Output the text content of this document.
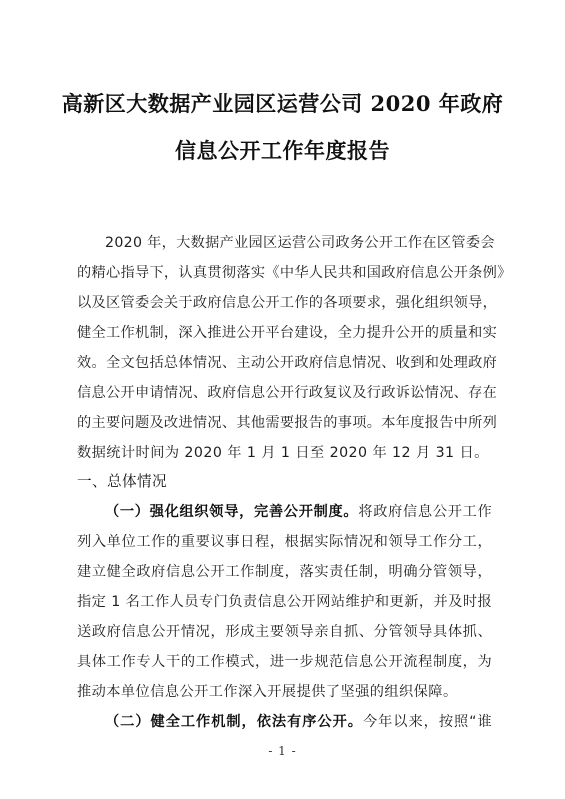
高新区大数据产业园区运营公司 2020 年政府
信息公开工作年度报告
2020 年，大数据产业园区运营公司政务公开工作在区管委会
的精心指导下，认真贯彻落实《中华人民共和国政府信息公开条例》
以及区管委会关于政府信息公开工作的各项要求，强化组织领导，
健全工作机制，深入推进公开平台建设，全力提升公开的质量和实
效。全文包括总体情况、主动公开政府信息情况、收到和处理政府
信息公开申请情况、政府信息公开行政复议及行政诉讼情况、存在
的主要问题及改进情况、其他需要报告的事项。本年度报告中所列
数据统计时间为 2020 年 1 月 1 日至 2020 年 12 月 31 日。
一、总体情况
（一）强化组织领导，完善公开制度。将政府信息公开工作
列入单位工作的重要议事日程，根据实际情况和领导工作分工，
建立健全政府信息公开工作制度，落实责任制，明确分管领导，
指定 1 名工作人员专门负责信息公开网站维护和更新，并及时报
送政府信息公开情况，形成主要领导亲自抓、分管领导具体抓、
具体工作专人干的工作模式，进一步规范信息公开流程制度，为
推动本单位信息公开工作深入开展提供了坚强的组织保障。
（二）健全工作机制，依法有序公开。今年以来，按照“谁
- 1 -
